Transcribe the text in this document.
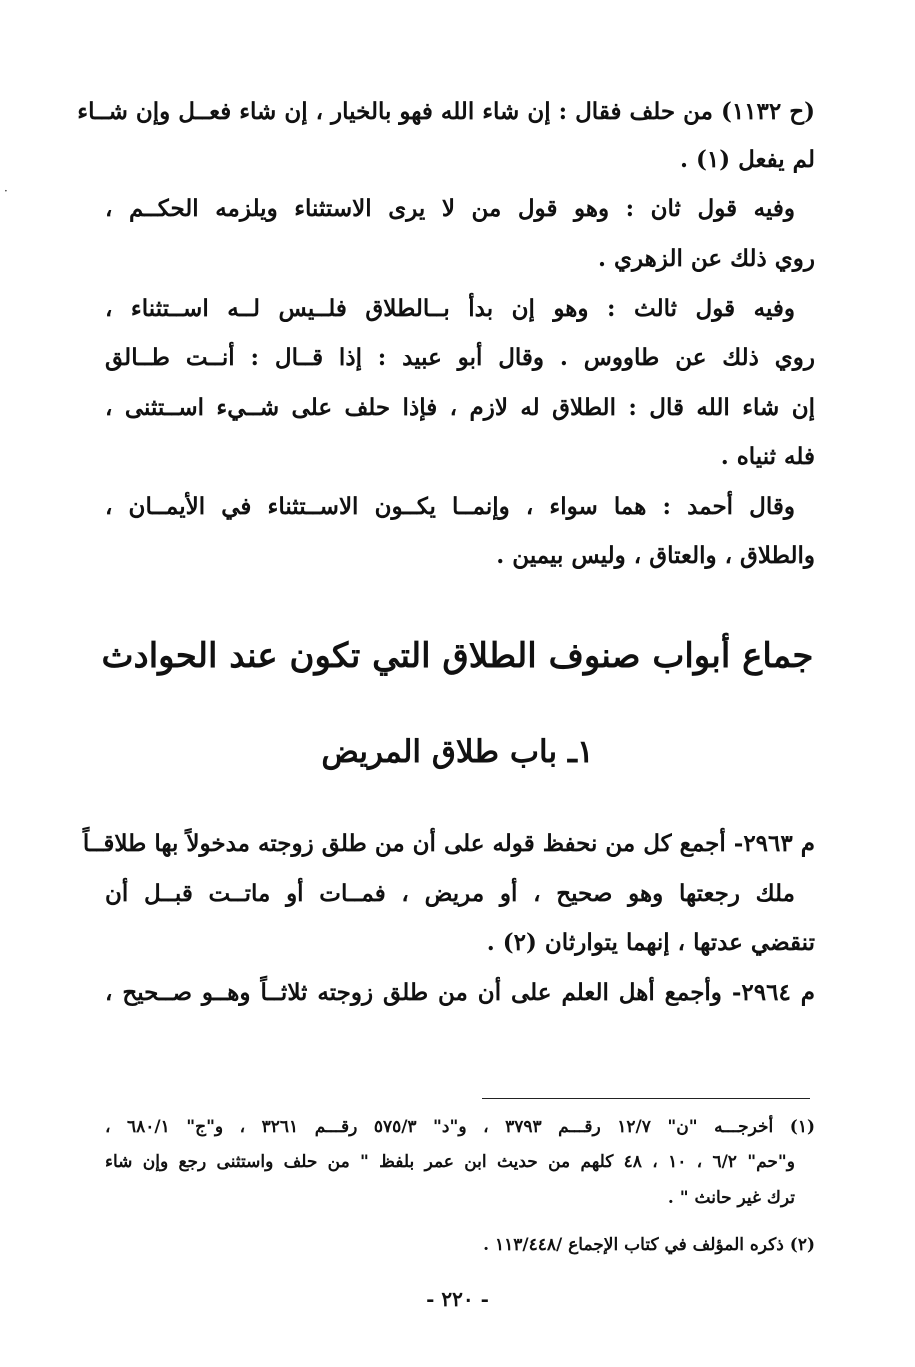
·
(ح ١١٣٢) من حلف فقال : إن شاء الله فهو بالخيار ، إن شاء فعــل وإن شــاء
لم يفعل (١) .
وفيه قول ثان : وهو قول من لا يرى الاستثناء ويلزمه الحكــم ،
روي ذلك عن الزهري .
وفيه قول ثالث : وهو إن بدأ بــالطلاق فلــيس لــه اســتثناء ،
روي ذلك عن طاووس . وقال أبو عبيد : إذا قــال : أنــت طــالق
إن شاء الله قال : الطلاق له لازم ، فإذا حلف على شــيء اســتثنى ،
فله ثنياه .
وقال أحمد : هما سواء ، وإنمــا يكــون الاســتثناء في الأيمــان ،
والطلاق ، والعتاق ، وليس بيمين .
جماع أبواب صنوف الطلاق التي تكون عند الحوادث
١ـ باب طلاق المريض
م ٢٩٦٣- أجمع كل من نحفظ قوله على أن من طلق زوجته مدخولاً بها طلاقــاً
ملك رجعتها وهو صحيح ، أو مريض ، فمــات أو ماتــت قبــل أن
تنقضي عدتها ، إنهما يتوارثان (٢) .
م ٢٩٦٤- وأجمع أهل العلم على أن من طلق زوجته ثلاثــاً وهــو صــحيح ،
(١) أخرجـــه "ن" ١٢/٧ رقـــم ٣٧٩٣ ، و"د" ٥٧٥/٣ رقـــم ٣٢٦١ ، و"ج" ٦٨٠/١ ،
و"حم" ٦/٢ ، ١٠ ، ٤٨ كلهم من حديث ابن عمر بلفظ " من حلف واستثنى رجع وإن شاء
ترك غير حانث " .
(٢) ذكره المؤلف في كتاب الإجماع /١١٣/٤٤٨ .
- ٢٢٠ -
